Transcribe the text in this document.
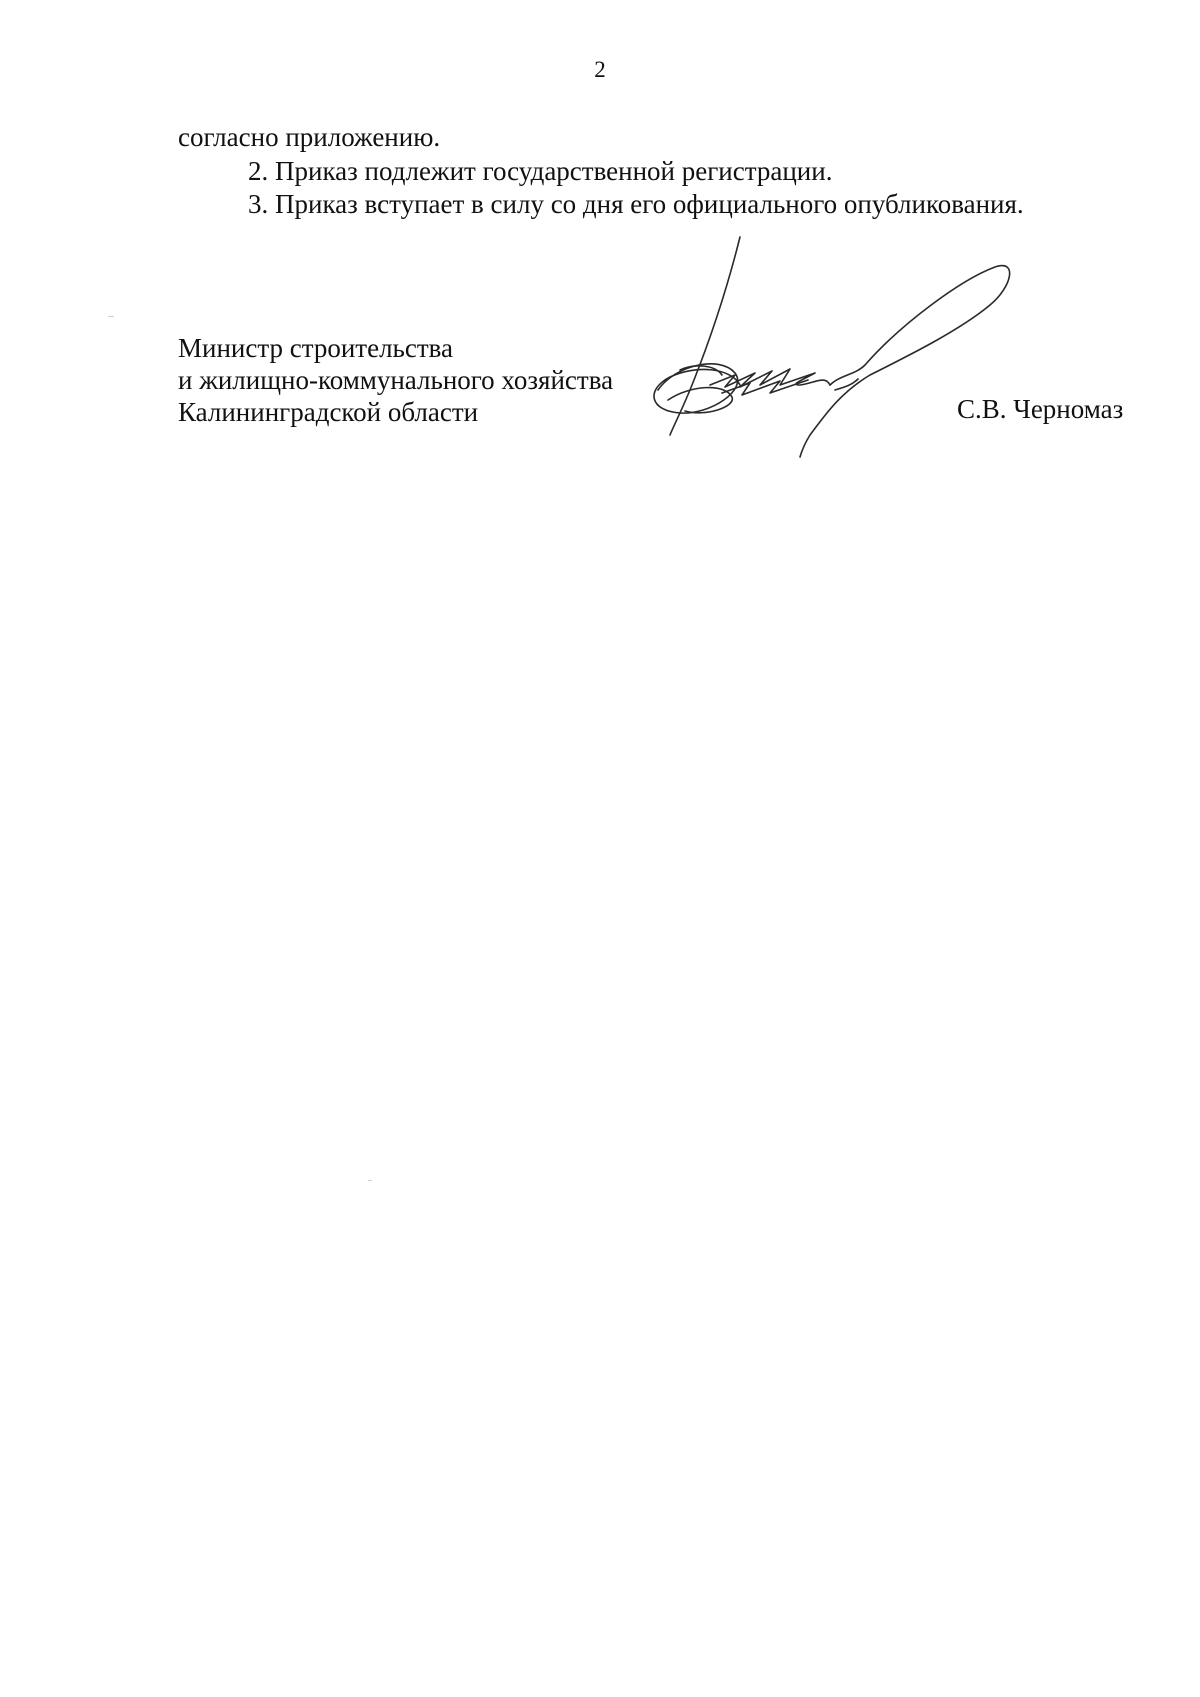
2
согласно приложению.
2. Приказ подлежит государственной регистрации.
3. Приказ вступает в силу со дня его официального опубликования.
Министр строительства
и жилищно-коммунального хозяйства
Калининградской области	С.В. Черномаз
